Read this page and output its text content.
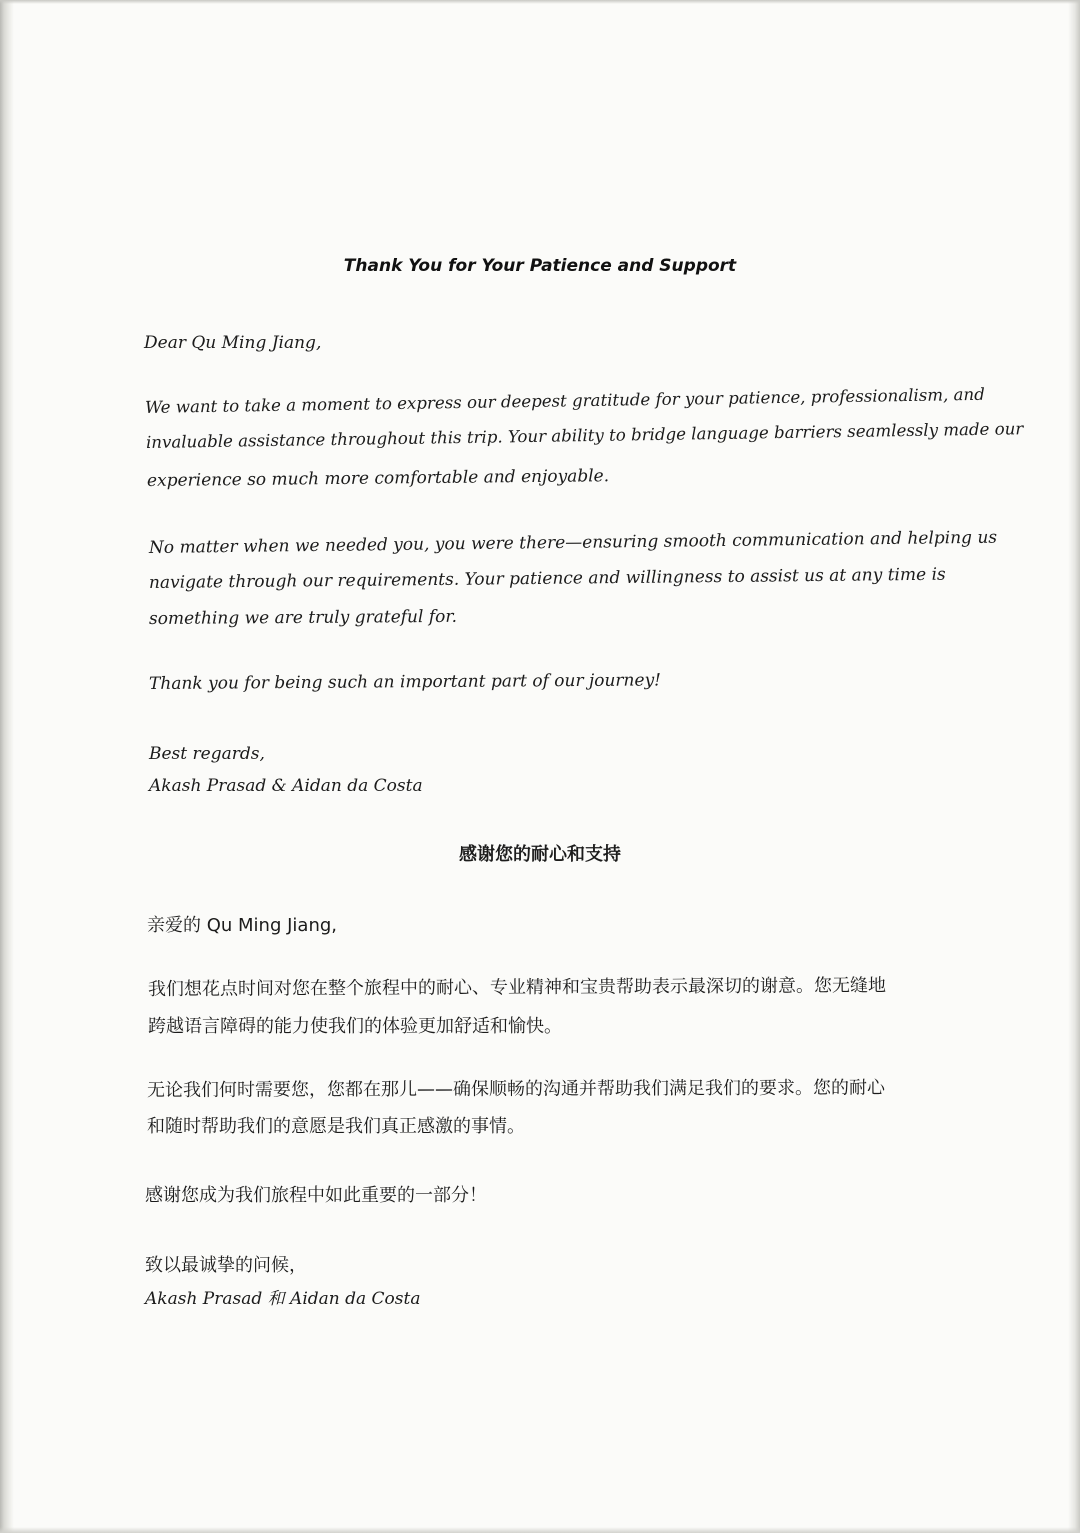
Thank You for Your Patience and Support

Dear Qu Ming Jiang,

We want to take a moment to express our deepest gratitude for your patience, professionalism, and

invaluable assistance throughout this trip. Your ability to bridge language barriers seamlessly made our

experience so much more comfortable and enjoyable.

No matter when we needed you, you were there—ensuring smooth communication and helping us

navigate through our requirements. Your patience and willingness to assist us at any time is

something we are truly grateful for.

Thank you for being such an important part of our journey!

Best regards,

Akash Prasad & Aidan da Costa

感谢您的耐心和支持

亲爱的 Qu Ming Jiang,

我们想花点时间对您在整个旅程中的耐心、专业精神和宝贵帮助表示最深切的谢意。您无缝地

跨越语言障碍的能力使我们的体验更加舒适和愉快。

无论我们何时需要您，您都在那儿——确保顺畅的沟通并帮助我们满足我们的要求。您的耐心

和随时帮助我们的意愿是我们真正感激的事情。

感谢您成为我们旅程中如此重要的一部分！

致以最诚挚的问候，

Akash Prasad 和 Aidan da Costa
